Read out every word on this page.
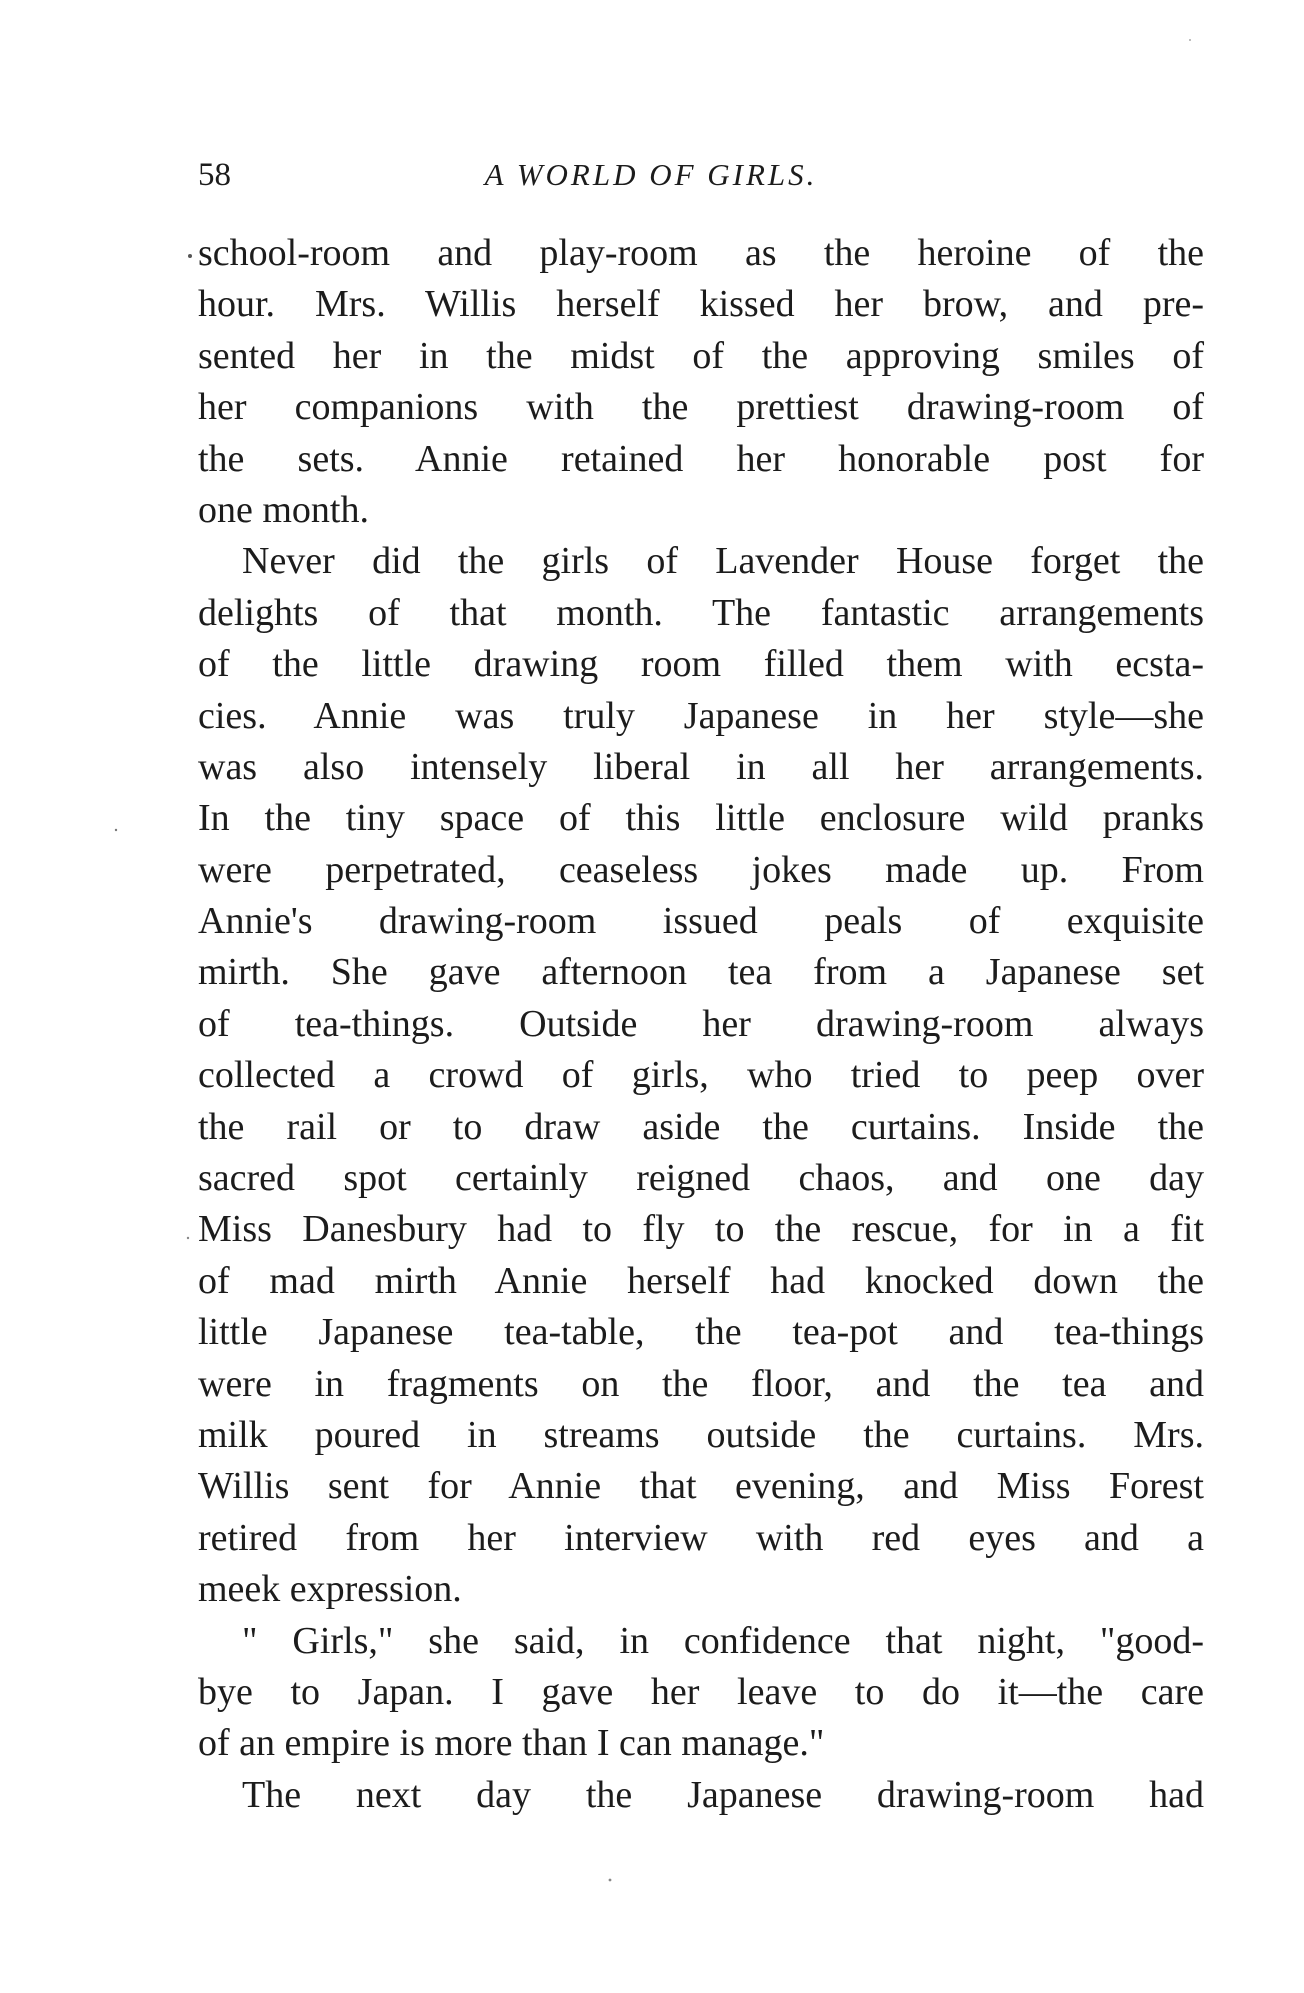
58	A WORLD OF GIRLS.
school-room and play-room as the heroine of the
hour. Mrs. Willis herself kissed her brow, and pre-
sented her in the midst of the approving smiles of
her companions with the prettiest drawing-room of
the sets. Annie retained her honorable post for
one month.
Never did the girls of Lavender House forget the
delights of that month. The fantastic arrangements
of the little drawing room filled them with ecsta-
cies. Annie was truly Japanese in her style—she
was also intensely liberal in all her arrangements.
In the tiny space of this little enclosure wild pranks
were perpetrated, ceaseless jokes made up. From
Annie's drawing-room issued peals of exquisite
mirth. She gave afternoon tea from a Japanese set
of tea-things. Outside her drawing-room always
collected a crowd of girls, who tried to peep over
the rail or to draw aside the curtains. Inside the
sacred spot certainly reigned chaos, and one day
Miss Danesbury had to fly to the rescue, for in a fit
of mad mirth Annie herself had knocked down the
little Japanese tea-table, the tea-pot and tea-things
were in fragments on the floor, and the tea and
milk poured in streams outside the curtains. Mrs.
Willis sent for Annie that evening, and Miss Forest
retired from her interview with red eyes and a
meek expression.
" Girls," she said, in confidence that night, "good-
bye to Japan. I gave her leave to do it—the care
of an empire is more than I can manage."
The next day the Japanese drawing-room had
